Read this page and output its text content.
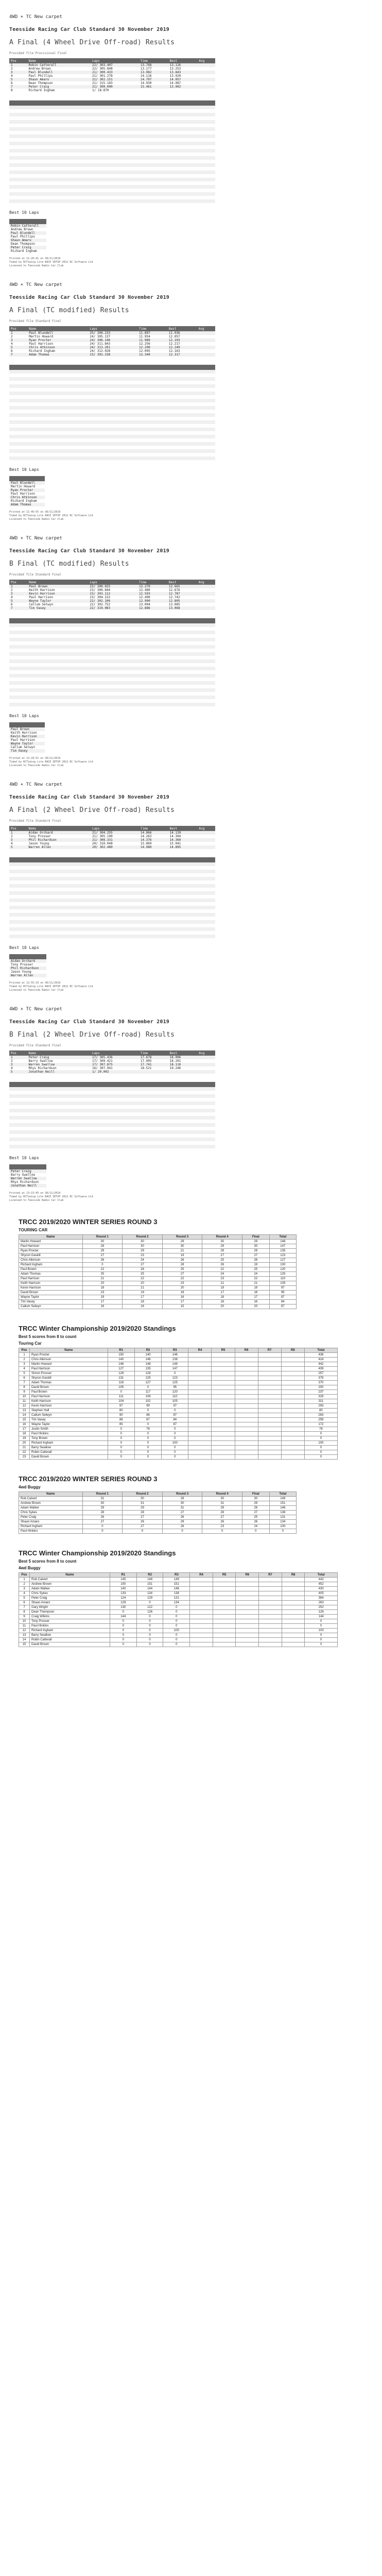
4WD + TC New carpet
Teesside Racing Car Club Standard 30 November 2019
A Final (4 Wheel Drive Off-road) Results
Provided file Provisional Final
Pos	Name	Laps	Time	Best	Avg
1	Robin Catterall	22/ 303.407	13.768	13.126	
2	Andrew Brown	22/ 305.848	13.177	13.253	
3	Paul Blundell	21/ 300.433	13.982	13.843	
4	Paul Phillips	21/ 301.278	14.116	13.920	
5	Shaun Amaro	21/ 302.151	14.797	14.057	
6	Dean Thompson	21/ 315.183	14.930	14.087	
7	Peter Craig	21/ 300.000	15.461	13.902	
8	Richard Ingham	1/ 18.870			

Best 10 Laps

Robin Catterall		
Andrew Brown		
Paul Blundell		
Paul Phillips		
Shaun Amaro		
Dean Thompson		
Peter Craig		
Richard Ingham		
Printed at 11:26:41 on 30/11/2019
Timed by RCTiming Lite RACE SETUP 2012 RC Software Ltd
Licensed to Teesside Radio Car Club
4WD + TC New carpet
Teesside Racing Car Club Standard 30 November 2019
A Final (TC modified) Results
Provided file Standard Final
Pos	Name	Laps	Time	Best	Avg
1	Paul Blundell	25/ 300.233	11.897	11.936	
2	Martin Howard	24/ 305.137	11.954	12.057	
3	Ryan Procter	24/ 306.146	11.989	12.103	
4	Paul Harrison	24/ 311.843	12.256	12.217	
5	Chris Atkinson	24/ 313.201	12.290	12.249	
6	Richard Ingham	24/ 312.028	12.005	12.163	
7	Adam Thomas	23/ 302.338	12.340	12.317	

Best 10 Laps

Paul Blundell		
Martin Howard		
Ryan Procter		
Paul Harrison		
Chris Atkinson		
Richard Ingham		
Adam Thomas		
Printed at 11:49:55 on 30/11/2019
Timed by RCTiming Lite RACE SETUP 2012 RC Software Ltd
Licensed to Teesside Radio Car Club
4WD + TC New carpet
Teesside Racing Car Club Standard 30 November 2019
B Final (TC modified) Results
Provided file Standard Final
Pos	Name	Laps	Time	Best	Avg
1	Paul Brown	23/ 300.025	12.270	12.665	
2	Keith Harrison	23/ 300.844	12.480	12.676	
3	Kevin Harrison	23/ 303.112	12.593	12.787	
4	Paul Harrison	23/ 304.222	12.490	12.742	
5	Wayne Taylor	22/ 302.106	12.900	12.805	
6	Callum Selwyn	22/ 302.752	13.004	13.085	
7	Tim Vasey	22/ 310.083	12.886	13.068	

Best 10 Laps

Paul Brown		
Keith Harrison		
Kevin Harrison		
Paul Harrison		
Wayne Taylor		
Callum Selwyn		
Tim Vasey		
Printed at 12:29:52 on 30/11/2019
Timed by RCTiming Lite RACE SETUP 2012 RC Software Ltd
Licensed to Teesside Radio Car Club
4WD + TC New carpet
Teesside Racing Car Club Standard 30 November 2019
A Final (2 Wheel Drive Off-road) Results
Provided file Standard Final
Pos	Name	Laps	Time	Best	Avg
1	Aidan Orchard	21/ 304.255	14.066	14.139	
2	Tony Prosser	21/ 305.190	14.263	14.304	
3	Phil Richardson	21/ 308.331	14.376	14.360	
4	Jason Young	20/ 310.048	15.069	15.041	
5	Warren Allen	20/ 302.480	14.980	14.895	

Best 10 Laps

Aidan Orchard		
Tony Prosser		
Phil Richardson		
Jason Young		
Warren Allen		
Printed at 12:55:19 on 30/11/2019
Timed by RCTiming Lite RACE SETUP 2012 RC Software Ltd
Licensed to Teesside Radio Car Club
4WD + TC New carpet
Teesside Racing Car Club Standard 30 November 2019
B Final (2 Wheel Drive Off-road) Results
Provided file Standard Final
Pos	Name	Laps	Time	Best	Avg
1	Peter Craig	17/ 305.436	17.678	18.006	
2	Barry Swallow	17/ 309.421	17.905	18.201	
3	Warren Swallow	17/ 307.875	17.741	18.110	
4	Rhys Richardson	16/ 307.941	18.521	19.246	
5	Jonathan Neill	1/ 20.002			

Best 10 Laps

Peter Craig		
Barry Swallow		
Warren Swallow		
Rhys Richardson		
Jonathan Neill		
Printed at 13:15:45 on 30/11/2019
Timed by RCTiming Lite RACE SETUP 2012 RC Software Ltd
Licensed to Teesside Radio Car Club
TRCC 2019/2020 WINTER SERIES ROUND 3
TOURING CAR
Name	Round 1	Round 2	Round 3	Round 4	Final	Total
Martin Howard	30	30	29	30	29	148
Paul Harrison	28	30	30	29	30	147
Ryan Procter	29	29	21	28	28	135
Shyron Gaskill	27	23	19	27	27	123
Chris Atkinson	26	24	26	25	26	127
Richard Ingham	0	27	28	26	19	100
Paul Brown	22	26	25	22	25	120
Adam Thomas	25	25	27	24	24	125
Paul Harrison	21	22	22	23	22	110
Keith Harrison	20	20	23	21	21	105
Kevin Harrison	18	21	20	19	19	97
David Brown	23	19	18	17	18	95
Wayne Taylor	19	17	16	18	17	87
Tim Vasey	17	18	17	16	16	84
Callum Selwyn	16	16	15	20	20	87
TRCC Winter Championship 2019/2020 Standings
Best 5 scores from 8 to count
Touring Car
Pos	Name	R1	R2	R3	R4	R5	R6	R7	R8	Total
1	Ryan Procter	150	140	146						436
2	Chris Atkinson	140	146	138						424
3	Martin Howard	146	148	148						442
4	Paul Harrison	127	135	147						409
5	Simon Prosser	129	128	0						257
6	Shyron Gaskill	131	125	123						379
7	Adam Thomas	118	127	125						370
8	David Brown	105	0	95						200
9	Paul Brown	0	117	120						237
10	Paul Harrison	111	108	110						329
11	Keith Harrison	104	102	105						311
12	Kevin Harrison	97	99	97						293
13	Stephen Hall	80	0	0						80
14	Callum Selwyn	90	86	87						263
15	Tim Vasey	88	87	84						259
16	Wayne Taylor	85	0	87						172
17	Justin Smith	0	78	0						78
18	Paul Hinkins	0	0	0						0
19	Tony Brown	0	0	0						0
20	Richard Ingham	0	0	100						100
21	Barry Swallow	0	0	0						0
22	Robin Catterall	0	0	0						0
23	David Brown	0	0	0						0
TRCC 2019/2020 WINTER SERIES ROUND 3
4wd Buggy
Name	Round 1	Round 2	Round 3	Round 4	Final	Total
Rob Calvert	31	30	28	30	30	149
Andrew Brown	30	31	30	31	29	151
Adam Walker	29	29	31	29	28	146
Chris Sykes	28	28	27	28	27	138
Peter Craig	26	27	26	27	25	131
Shaun Amaro	27	26	29	26	26	134
Richard Ingham	0	27	26	23	24	100
Paul Hinkins	0	0	0	0	0	0
TRCC Winter Championship 2019/2020 Standings
Best 5 scores from 8 to count
4wd Buggy
Pos	Name	R1	R2	R3	R4	R5	R6	R7	R8	Total
1	Rob Calvert	145	148	149						442
2	Andrew Brown	150	151	151						452
3	Adam Walker	140	144	146						430
4	Chris Sykes	133	134	138						405
5	Peter Craig	124	129	131						384
6	Shaun Amaro	129	0	134						263
7	Gary Wright	130	122	0						252
8	Dean Thompson	0	126	0						126
9	Craig Wilkins	144	0	0						144
10	Tony Prosser	0	0	0						0
11	Paul Hinkins	0	0	0						0
12	Richard Ingham	0	0	100						100
13	Barry Swallow	0	0	0						0
14	Robin Catterall	0	0	0						0
15	David Brown	0	0	0						0
